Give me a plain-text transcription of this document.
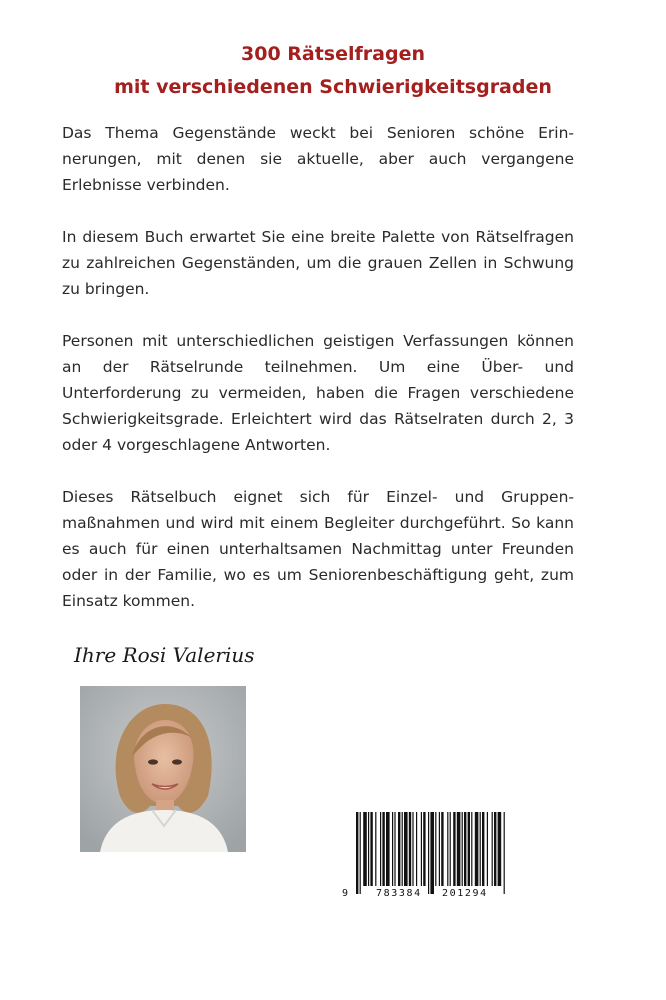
300 Rätselfragen
mit verschiedenen Schwierigkeitsgraden

Das Thema Gegenstände weckt bei Senioren schöne Erinnerungen, mit denen sie aktuelle, aber auch vergangene Erlebnisse verbinden.

In diesem Buch erwartet Sie eine breite Palette von Rätselfragen zu zahlreichen Gegenständen, um die grauen Zellen in Schwung zu bringen.

Personen mit unterschiedlichen geistigen Verfassungen können an der Rätselrunde teilnehmen. Um eine Über- und Unterforderung zu vermeiden, haben die Fragen verschiedene Schwierigkeitsgrade. Erleichtert wird das Rätselraten durch 2, 3 oder 4 vorgeschlagene Antworten.

Dieses Rätselbuch eignet sich für Einzel- und Gruppenmaßnahmen und wird mit einem Begleiter durchgeführt. So kann es auch für einen unterhaltsamen Nachmittag unter Freunden oder in der Familie, wo es um Seniorenbeschäftigung geht, zum Einsatz kommen.

Ihre Rosi Valerius
9	783384 201294
